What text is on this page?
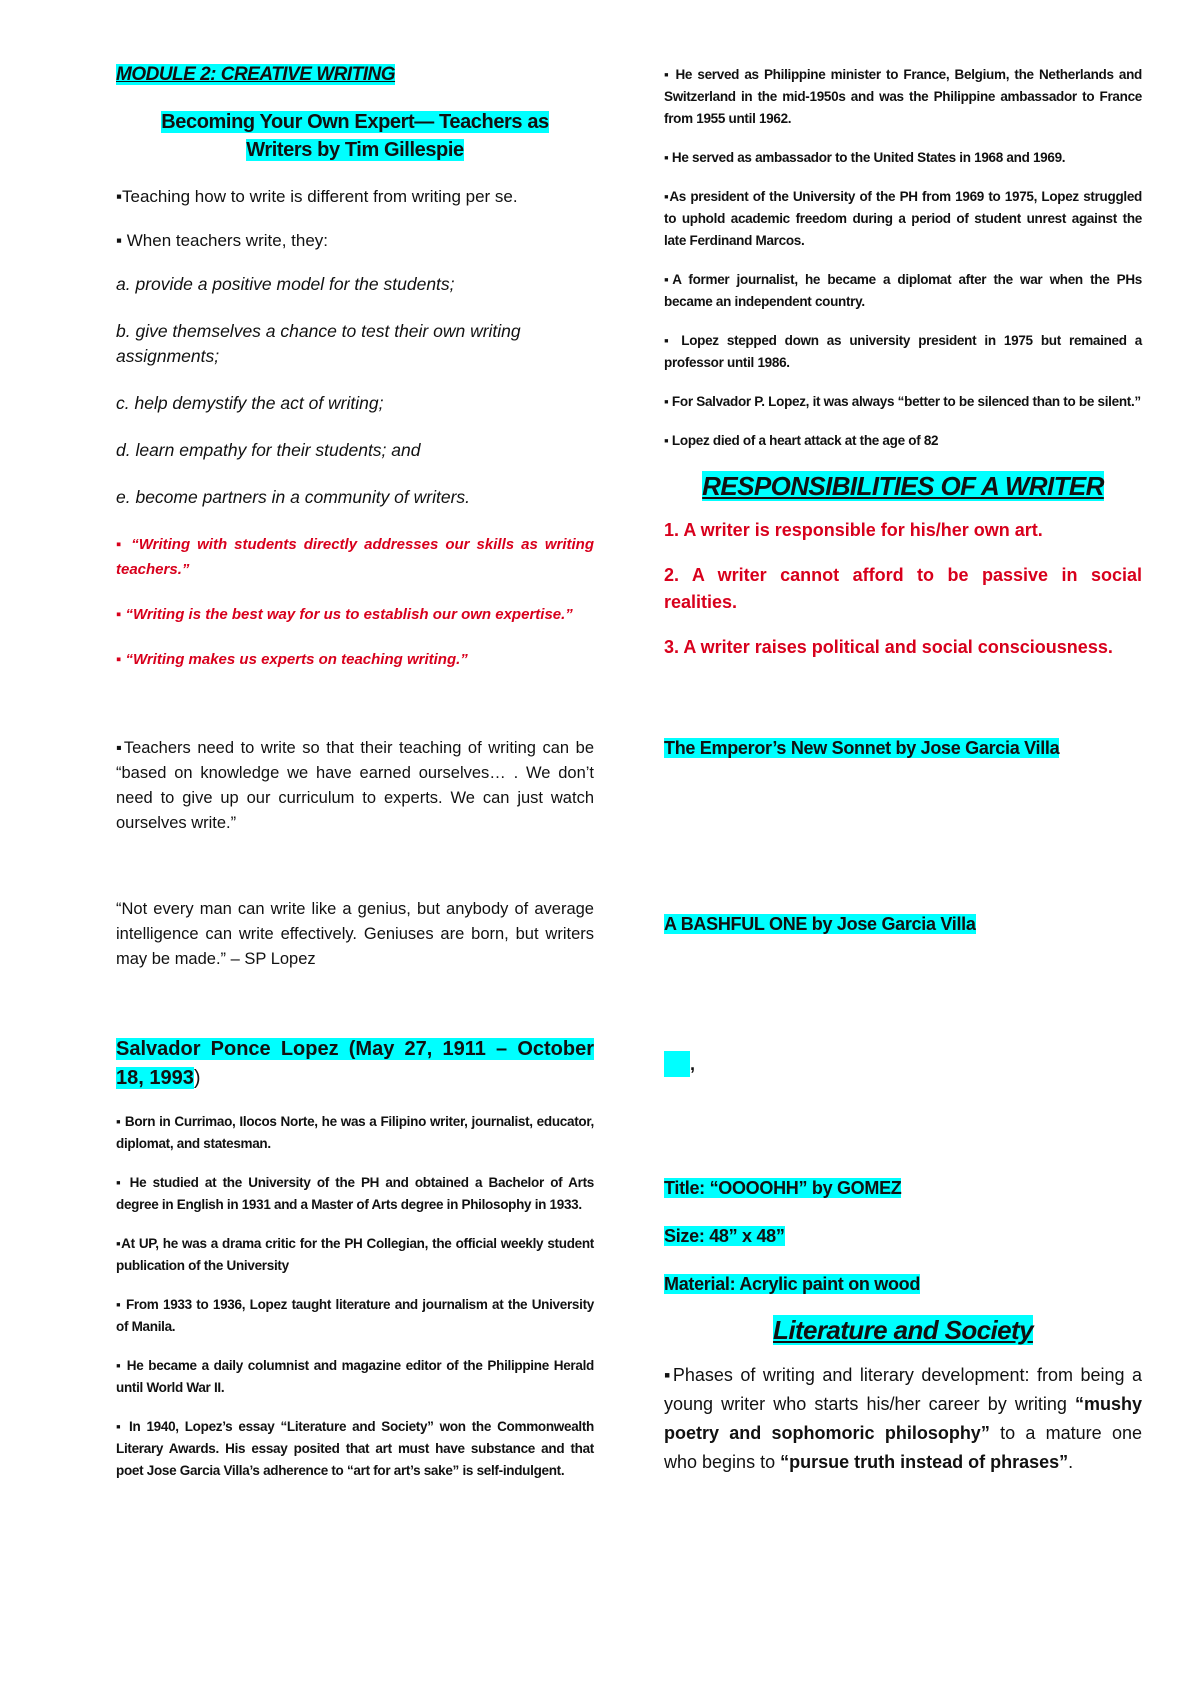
MODULE 2: CREATIVE WRITING

Becoming Your Own Expert— Teachers as
Writers by Tim Gillespie

▪Teaching how to write is different from writing per se.

▪ When teachers write, they:

a. provide a positive model for the students;

b. give themselves a chance to test their own writing assignments;

c. help demystify the act of writing;

d. learn empathy for their students; and

e. become partners in a community of writers.

▪ “Writing with students directly addresses our skills as writing teachers.”

▪ “Writing is the best way for us to establish our own expertise.”

▪ “Writing makes us experts on teaching writing.”

▪Teachers need to write so that their teaching of writing can be “based on knowledge we have earned ourselves… . We don’t need to give up our curriculum to experts. We can just watch ourselves write.”

“Not every man can write like a genius, but anybody of average intelligence can write effectively. Geniuses are born, but writers may be made.” – SP Lopez

Salvador Ponce Lopez (May 27, 1911 – October 18, 1993)

▪ Born in Currimao, Ilocos Norte, he was a Filipino writer, journalist, educator, diplomat, and statesman.

▪ He studied at the University of the PH and obtained a Bachelor of Arts degree in English in 1931 and a Master of Arts degree in Philosophy in 1933.

▪At UP, he was a drama critic for the PH Collegian, the official weekly student publication of the University

▪ From 1933 to 1936, Lopez taught literature and journalism at the University of Manila.

▪ He became a daily columnist and magazine editor of the Philippine Herald until World War II.

▪ In 1940, Lopez’s essay “Literature and Society” won the Commonwealth Literary Awards. His essay posited that art must have substance and that poet Jose Garcia Villa’s adherence to “art for art’s sake” is self-indulgent.

▪ He served as Philippine minister to France, Belgium, the Netherlands and Switzerland in the mid-1950s and was the Philippine ambassador to France from 1955 until 1962.

▪ He served as ambassador to the United States in 1968 and 1969.

▪As president of the University of the PH from 1969 to 1975, Lopez struggled to uphold academic freedom during a period of student unrest against the late Ferdinand Marcos.

▪A former journalist, he became a diplomat after the war when the PHs became an independent country.

▪ Lopez stepped down as university president in 1975 but remained a professor until 1986.

▪ For Salvador P. Lopez, it was always “better to be silenced than to be silent.”

▪ Lopez died of a heart attack at the age of 82

RESPONSIBILITIES OF A WRITER

1. A writer is responsible for his/her own art.

2. A writer cannot afford to be passive in social realities.

3. A writer raises political and social consciousness.

The Emperor’s New Sonnet by Jose Garcia Villa

A BASHFUL ONE by Jose Garcia Villa

,

Title: “OOOOHH” by GOMEZ

Size: 48” x 48”

Material: Acrylic paint on wood

Literature and Society

▪Phases of writing and literary development: from being a young writer who starts his/her career by writing “mushy poetry and sophomoric philosophy” to a mature one who begins to “pursue truth instead of phrases”.
